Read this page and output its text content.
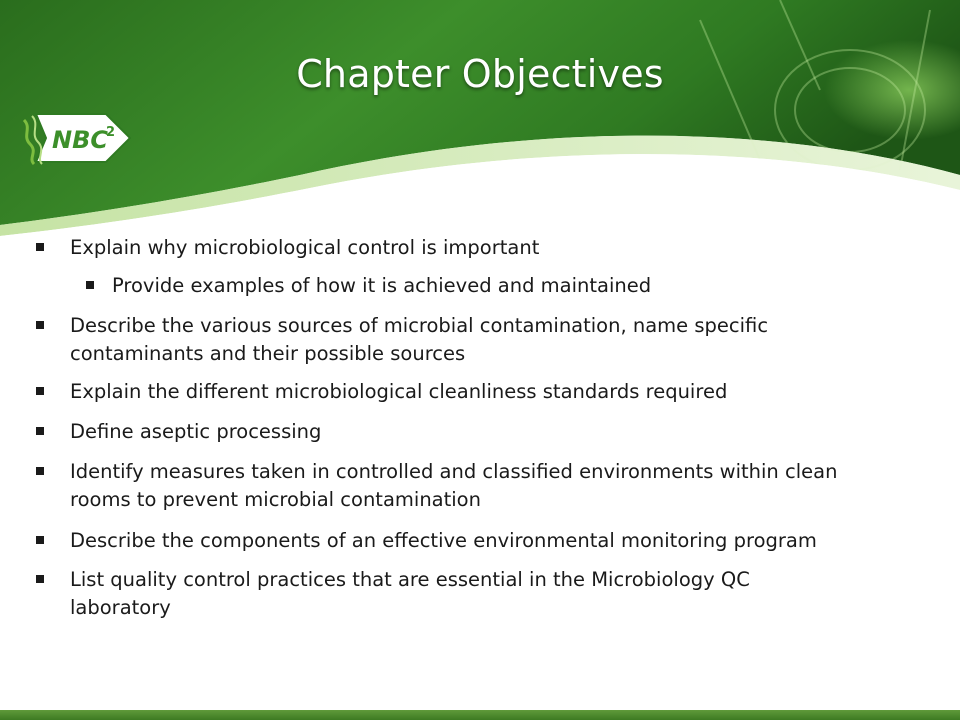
Chapter Objectives
NBC
2
Explain why microbiological control is important
Provide examples of how it is achieved and maintained
Describe the various sources of microbial contamination, name specific
contaminants and their possible sources
Explain the different microbiological cleanliness standards required
Define aseptic processing
Identify measures taken in controlled and classified environments within clean
rooms to prevent microbial contamination
Describe the components of an effective environmental monitoring program
List quality control practices that are essential in the Microbiology QC
laboratory
